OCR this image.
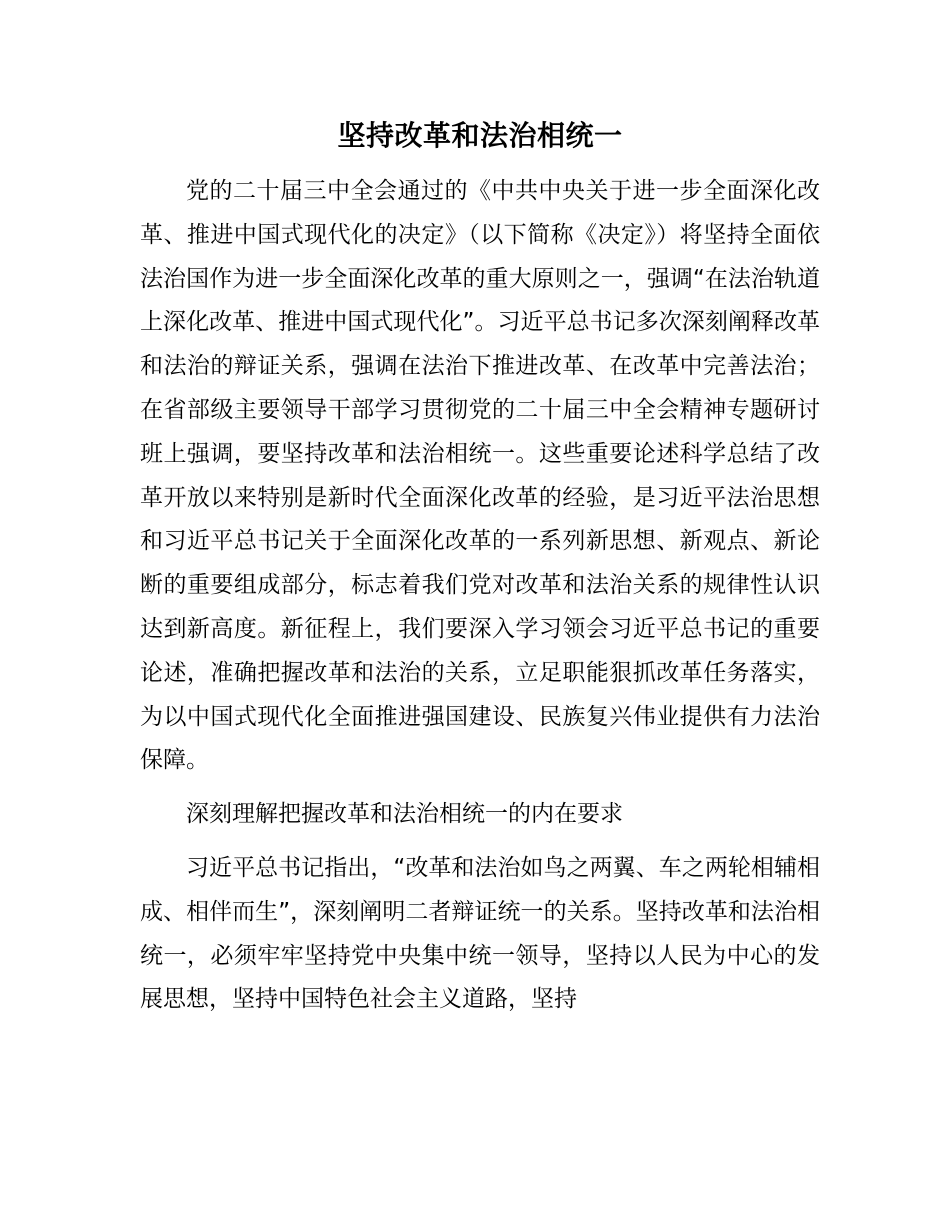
坚持改革和法治相统一

党的二十届三中全会通过的《中共中央关于进一步全面深化改革、推进中国式现代化的决定》（以下简称《决定》）将坚持全面依法治国作为进一步全面深化改革的重大原则之一，强调“在法治轨道上深化改革、推进中国式现代化”。习近平总书记多次深刻阐释改革和法治的辩证关系，强调在法治下推进改革、在改革中完善法治；在省部级主要领导干部学习贯彻党的二十届三中全会精神专题研讨班上强调，要坚持改革和法治相统一。这些重要论述科学总结了改革开放以来特别是新时代全面深化改革的经验，是习近平法治思想和习近平总书记关于全面深化改革的一系列新思想、新观点、新论断的重要组成部分，标志着我们党对改革和法治关系的规律性认识达到新高度。新征程上，我们要深入学习领会习近平总书记的重要论述，准确把握改革和法治的关系，立足职能狠抓改革任务落实，为以中国式现代化全面推进强国建设、民族复兴伟业提供有力法治保障。

深刻理解把握改革和法治相统一的内在要求

习近平总书记指出，“改革和法治如鸟之两翼、车之两轮相辅相成、相伴而生”，深刻阐明二者辩证统一的关系。坚持改革和法治相统一，必须牢牢坚持党中央集中统一领导，坚持以人民为中心的发展思想，坚持中国特色社会主义道路，坚持
